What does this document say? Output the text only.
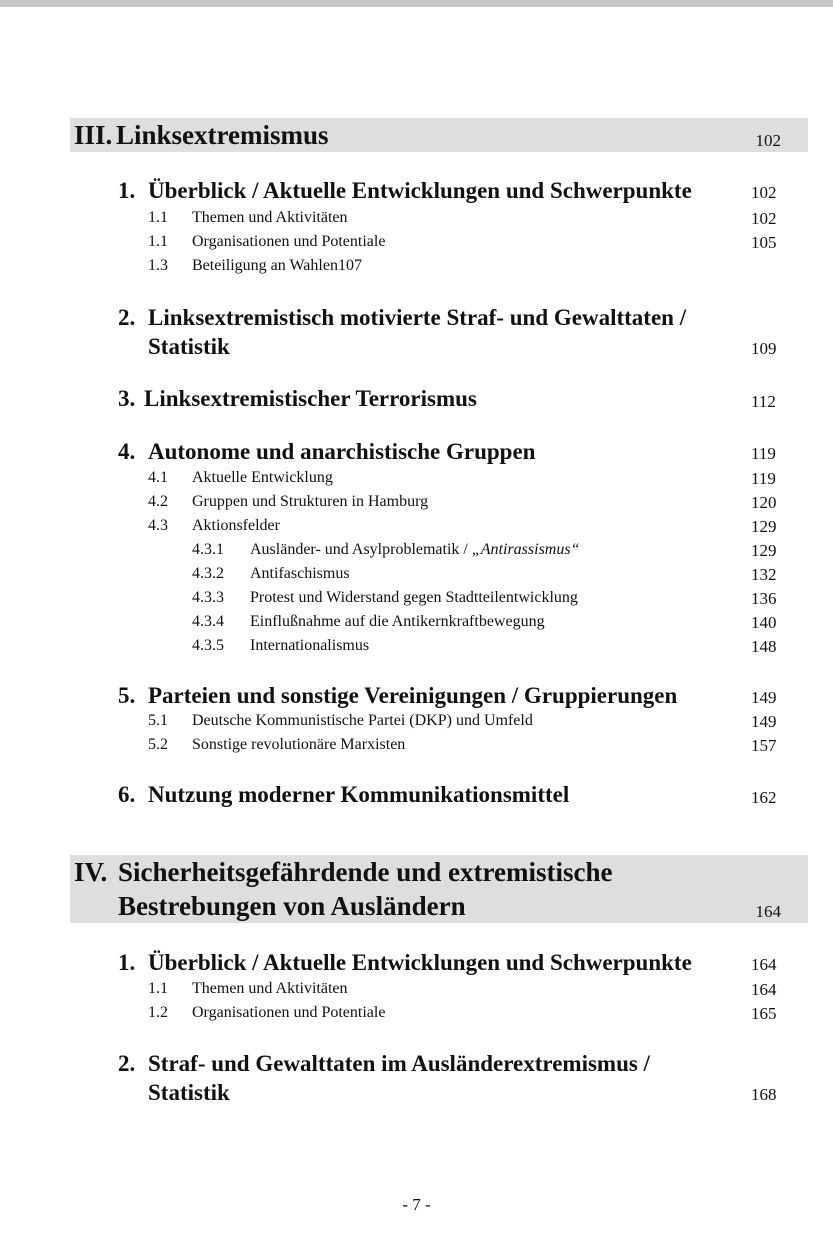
III. Linksextremismus	102
1. Überblick / Aktuelle Entwicklungen und Schwerpunkte	102
1.1 Themen und Aktivitäten	102
1.1 Organisationen und Potentiale	105
1.3 Beteiligung an Wahlen107
2. Linksextremistisch motivierte Straf- und Gewalttaten /
Statistik	109
3. Linksextremistischer Terrorismus	112
4. Autonome und anarchistische Gruppen	119
4.1 Aktuelle Entwicklung	119
4.2 Gruppen und Strukturen in Hamburg	120
4.3 Aktionsfelder	129
4.3.1 Ausländer- und Asylproblematik / „Antirassismus“	129
4.3.2 Antifaschismus	132
4.3.3 Protest und Widerstand gegen Stadtteilentwicklung	136
4.3.4 Einflußnahme auf die Antikernkraftbewegung	140
4.3.5 Internationalismus	148
5. Parteien und sonstige Vereinigungen / Gruppierungen	149
5.1 Deutsche Kommunistische Partei (DKP) und Umfeld	149
5.2 Sonstige revolutionäre Marxisten	157
6. Nutzung moderner Kommunikationsmittel	162
IV. Sicherheitsgefährdende und extremistische
Bestrebungen von Ausländern	164
1. Überblick / Aktuelle Entwicklungen und Schwerpunkte	164
1.1 Themen und Aktivitäten	164
1.2 Organisationen und Potentiale	165
2. Straf- und Gewalttaten im Ausländerextremismus /
Statistik	168
- 7 -
